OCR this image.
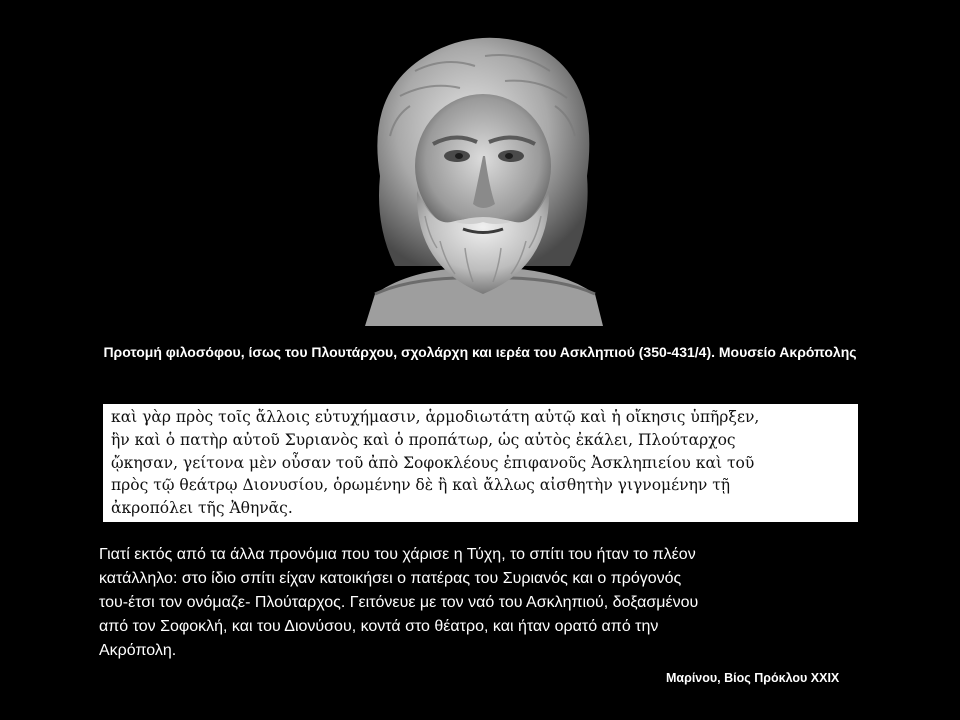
Προτομή φιλοσόφου, ίσως του Πλουτάρχου, σχολάρχη και ιερέα του Ασκληπιού (350-431/4). Μουσείο Ακρόπολης
καὶ γὰρ πρὸς τοῖς ἄλλοις εὐτυχήμασιν, ἁρμοδιωτάτη αὐτῷ καὶ ἡ οἴκησις ὑπῆρξεν,
ἣν καὶ ὁ πατὴρ αὐτοῦ Συριανὸς καὶ ὁ προπάτωρ, ὡς αὐτὸς ἐκάλει, Πλούταρχος
ᾤκησαν, γείτονα μὲν οὖσαν τοῦ ἀπὸ Σοφοκλέους ἐπιφανοῦς Ἀσκληπιείου καὶ τοῦ
πρὸς τῷ θεάτρῳ Διονυσίου, ὁρωμένην δὲ ἢ καὶ ἄλλως αἰσθητὴν γιγνομένην τῇ
ἀκροπόλει τῆς Ἀθηνᾶς.
Γιατί εκτός από τα άλλα προνόμια που του χάρισε η Τύχη, το σπίτι του ήταν το πλέον
κατάλληλο: στο ίδιο σπίτι είχαν κατοικήσει ο πατέρας του Συριανός και ο πρόγονός
του-έτσι τον ονόμαζε- Πλούταρχος. Γειτόνευε με τον ναό του Ασκληπιού, δοξασμένου
από τον Σοφοκλή, και του Διονύσου, κοντά στο θέατρο, και ήταν ορατό από την
Ακρόπολη.
Μαρίνου, Βίος Πρόκλου XXIX
